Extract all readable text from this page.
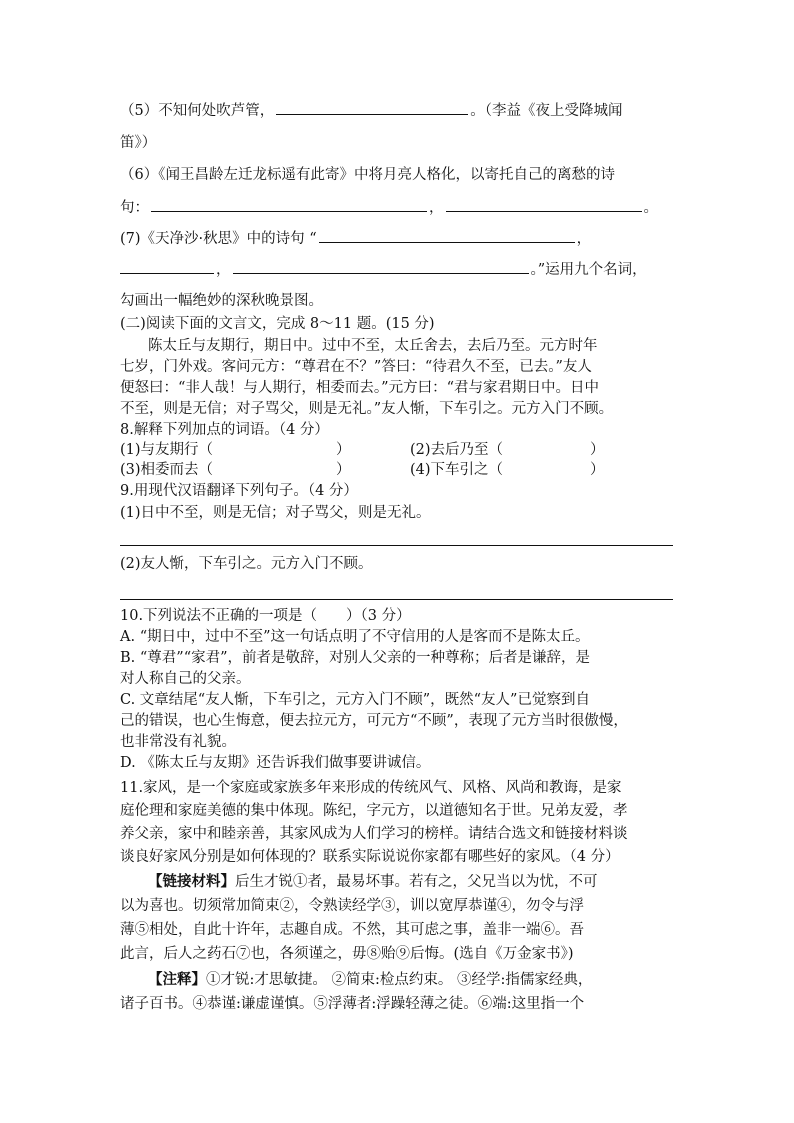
（5）不知何处吹芦管，	。（李益《夜上受降城闻
笛》）
（6）《闻王昌龄左迁龙标遥有此寄》中将月亮人格化，以寄托自己的离愁的诗
句：	，	。
(7)《天净沙·秋思》中的诗句 “	，
，	。”运用九个名词，
勾画出一幅绝妙的深秋晚景图。
(二)阅读下面的文言文，完成 8～11 题。(15 分)
陈太丘与友期行，期日中。过中不至，太丘舍去，去后乃至。元方时年
七岁，门外戏。客问元方：“尊君在不？”答曰：“待君久不至，已去。”友人
便怒曰：“非人哉！与人期行，相委而去。”元方曰：“君与家君期日中。日中
不至，则是无信；对子骂父，则是无礼。”友人惭，下车引之。元方入门不顾。
8.解释下列加点的词语。（4 分）
(1)与友期行（	）	(2)去后乃至（	）
(3)相委而去（	）	(4)下车引之（	）
9.用现代汉语翻译下列句子。（4 分）
(1)日中不至，则是无信；对子骂父，则是无礼。
(2)友人惭，下车引之。元方入门不顾。
10.下列说法不正确的一项是（　　）（3 分）
A. “期日中，过中不至”这一句话点明了不守信用的人是客而不是陈太丘。
B. “尊君”“家君”，前者是敬辞，对别人父亲的一种尊称；后者是谦辞，是
对人称自己的父亲。
C. 文章结尾“友人惭，下车引之，元方入门不顾”，既然“友人”已觉察到自
己的错误，也心生悔意，便去拉元方，可元方“不顾”，表现了元方当时很傲慢，
也非常没有礼貌。
D. 《陈太丘与友期》还告诉我们做事要讲诚信。
11.家风，是一个家庭或家族多年来形成的传统风气、风格、风尚和教诲，是家
庭伦理和家庭美德的集中体现。陈纪，字元方，以道德知名于世。兄弟友爱，孝
养父亲，家中和睦亲善，其家风成为人们学习的榜样。请结合选文和链接材料谈
谈良好家风分别是如何体现的？联系实际说说你家都有哪些好的家风。（4 分）
【链接材料】后生才锐①者，最易坏事。若有之，父兄当以为忧，不可
以为喜也。切须常加简束②，令熟读经学③，训以宽厚恭谨④，勿令与浮
薄⑤相处，自此十许年，志趣自成。不然，其可虑之事，盖非一端⑥。吾
此言，后人之药石⑦也，各须谨之，毋⑧贻⑨后悔。(选自《万金家书》)
【注释】①才锐:才思敏捷。 ②简束:检点约束。 ③经学:指儒家经典，
诸子百书。④恭谨:谦虚谨慎。⑤浮薄者:浮躁轻薄之徒。⑥端:这里指一个
